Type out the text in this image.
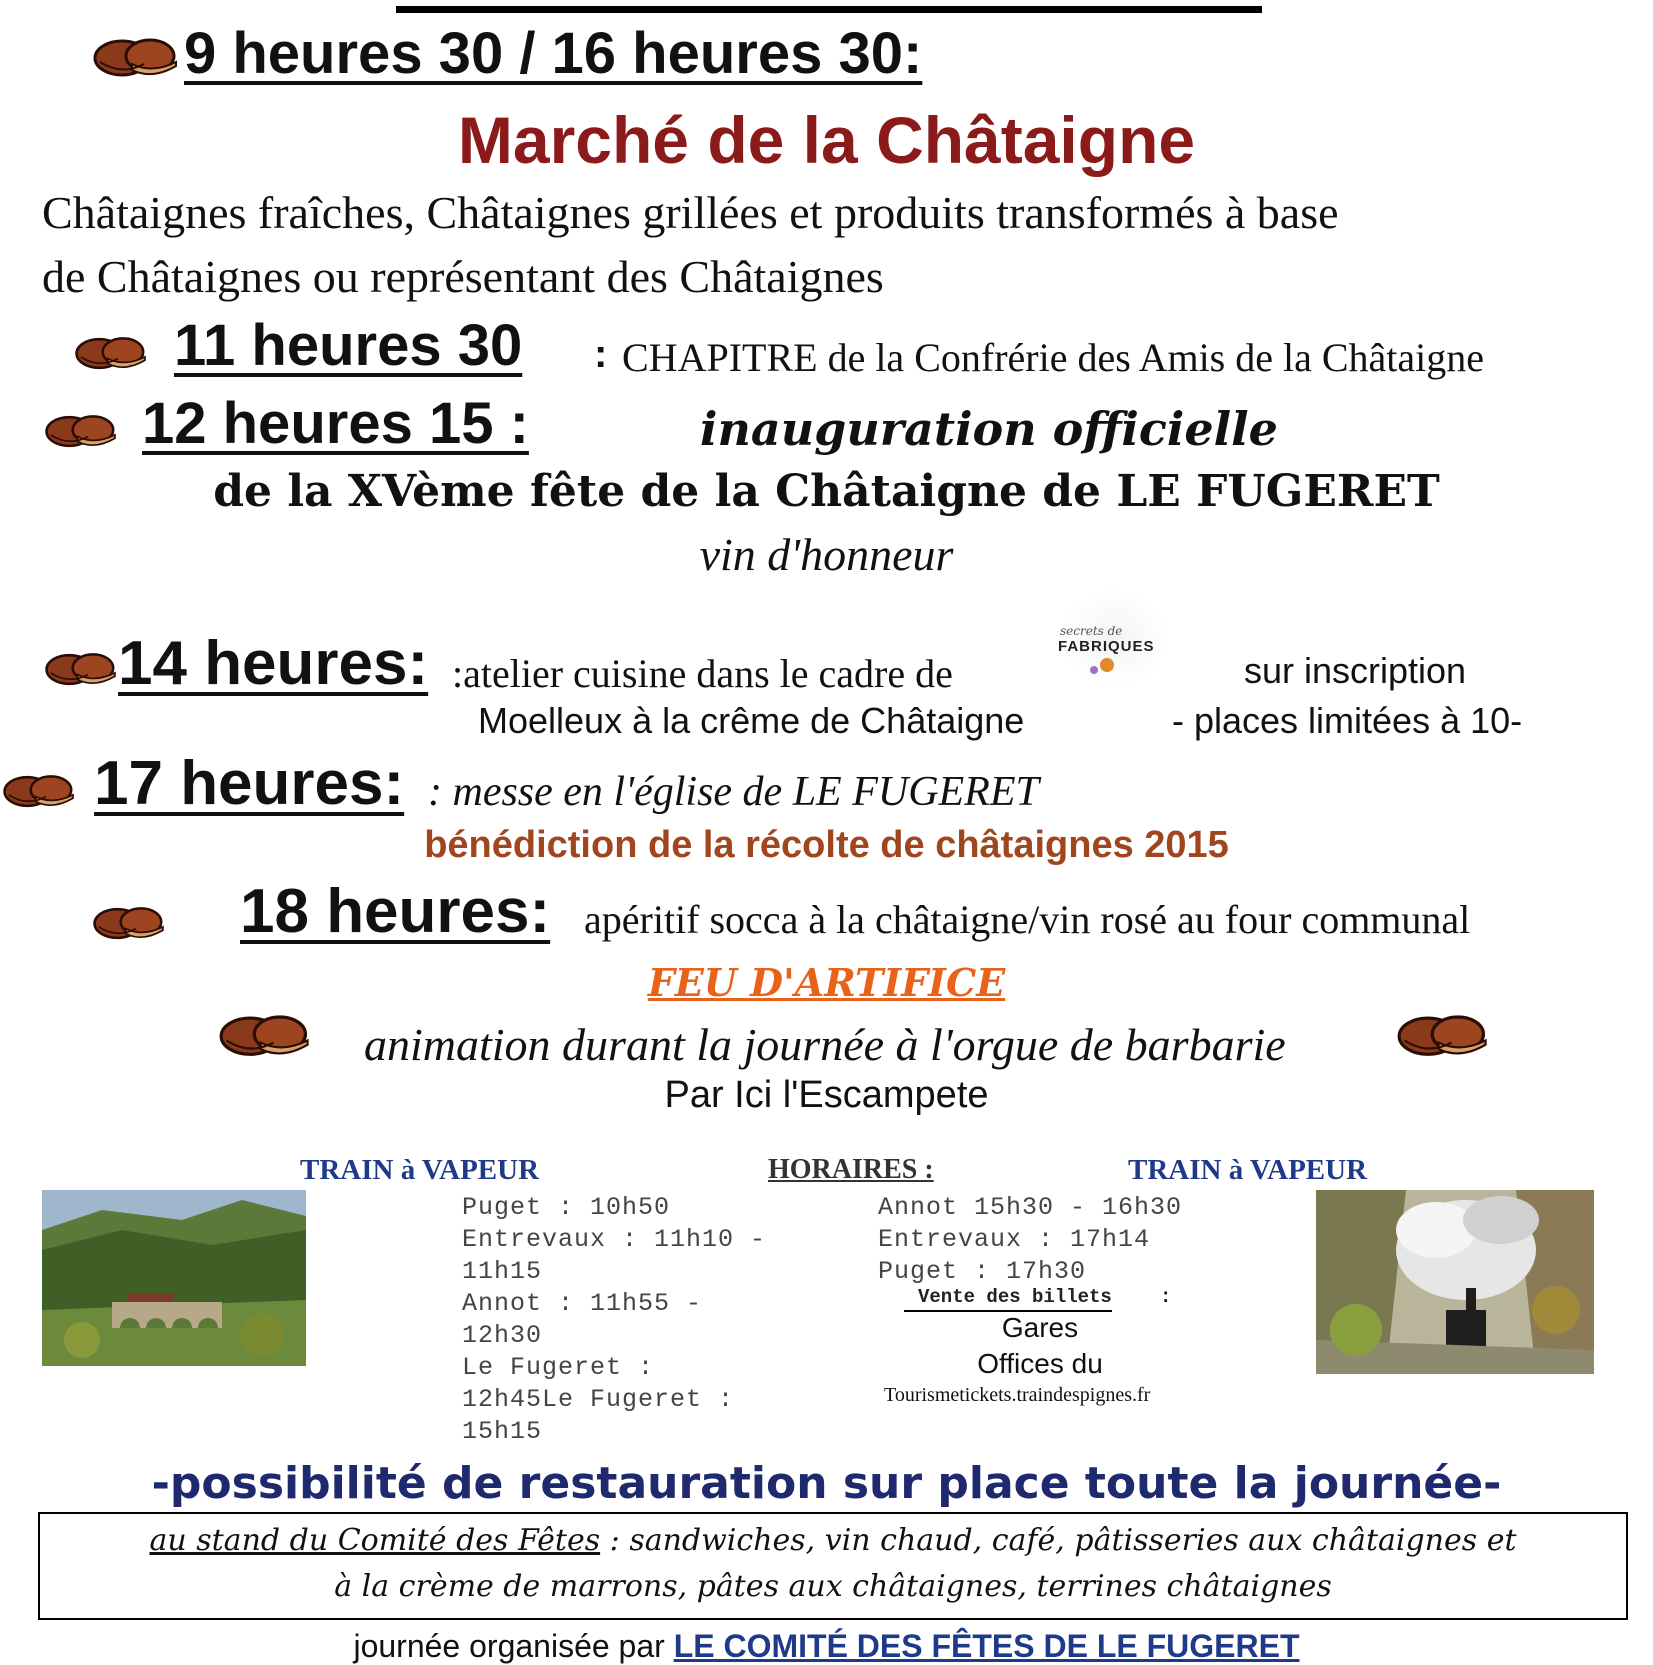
9 heures 30 / 16 heures 30:
Marché de la Châtaigne
Châtaignes fraîches, Châtaignes grillées et produits transformés à base
de Châtaignes ou représentant des Châtaignes
11 heures 30 : CHAPITRE de la Confrérie des Amis de la Châtaigne
12 heures 15 :	inauguration officielle
de la XVème fête de la Châtaigne de LE FUGERET
vin d'honneur
14 heures: :atelier cuisine dans le cadre de
secrets de
FABRIQUES
sur inscription
Moelleux à la crême de Châtaigne	- places limitées à 10-
17 heures: : messe en l'église de LE FUGERET
bénédiction de la récolte de châtaignes 2015
18 heures: apéritif socca à la châtaigne/vin rosé au four communal
FEU D'ARTIFICE
animation durant la journée à l'orgue de barbarie
Par Ici l'Escampete
TRAIN à VAPEUR	HORAIRES :	TRAIN à VAPEUR
Puget : 10h50
Entrevaux : 11h10 -
11h15
Annot : 11h55 -
12h30
Le Fugeret :
12h45Le Fugeret :
15h15
Annot 15h30 - 16h30
Entrevaux : 17h14
Puget : 17h30
Vente des billets	:
Gares
Offices du
Tourismetickets.traindespignes.fr
-possibilité de restauration sur place toute la journée-
au stand du Comité des Fêtes : sandwiches, vin chaud, café, pâtisseries aux châtaignes et
à la crème de marrons, pâtes aux châtaignes, terrines châtaignes
journée organisée par LE COMITÉ DES FÊTES DE LE FUGERET
